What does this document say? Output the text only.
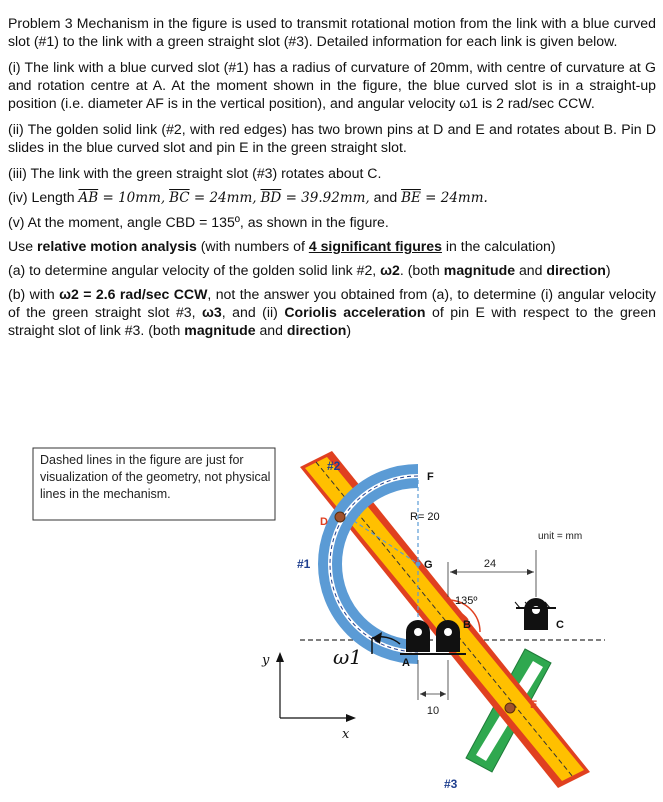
Problem 3 Mechanism in the figure is used to transmit rotational motion from the link with a blue curved slot (#1) to the link with a green straight slot (#3). Detailed information for each link is given below.

(i) The link with a blue curved slot (#1) has a radius of curvature of 20mm, with centre of curvature at G and rotation centre at A. At the moment shown in the figure, the blue curved slot is in a straight-up position (i.e. diameter AF is in the vertical position), and angular velocity ω1 is 2 rad/sec CCW.

(ii) The golden solid link (#2, with red edges) has two brown pins at D and E and rotates about B. Pin D slides in the blue curved slot and pin E in the green straight slot.

(iii) The link with the green straight slot (#3) rotates about C.

(iv) Length $\overline{AB} = 10mm$, $\overline{BC} = 24mm$, $\overline{BD} = 39.92mm$, and $\overline{BE} = 24mm$.

(v) At the moment, angle CBD = 135º, as shown in the figure.

Use relative motion analysis (with numbers of 4 significant figures in the calculation)

(a) to determine angular velocity of the golden solid link #2, ω2. (both magnitude and direction)

(b) with ω2 = 2.6 rad/sec CCW, not the answer you obtained from (a), to determine (i) angular velocity of the green straight slot #3, ω3, and (ii) Coriolis acceleration of pin E with respect to the green straight slot of link #3. (both magnitude and direction)

Dashed lines in the figure are just for visualization of the geometry, not physical lines in the mechanism.
unit = mm
24
10
#2
#1
#3
F
D
G
A
B	C
E
R= 20
135º
ω1
x
y
